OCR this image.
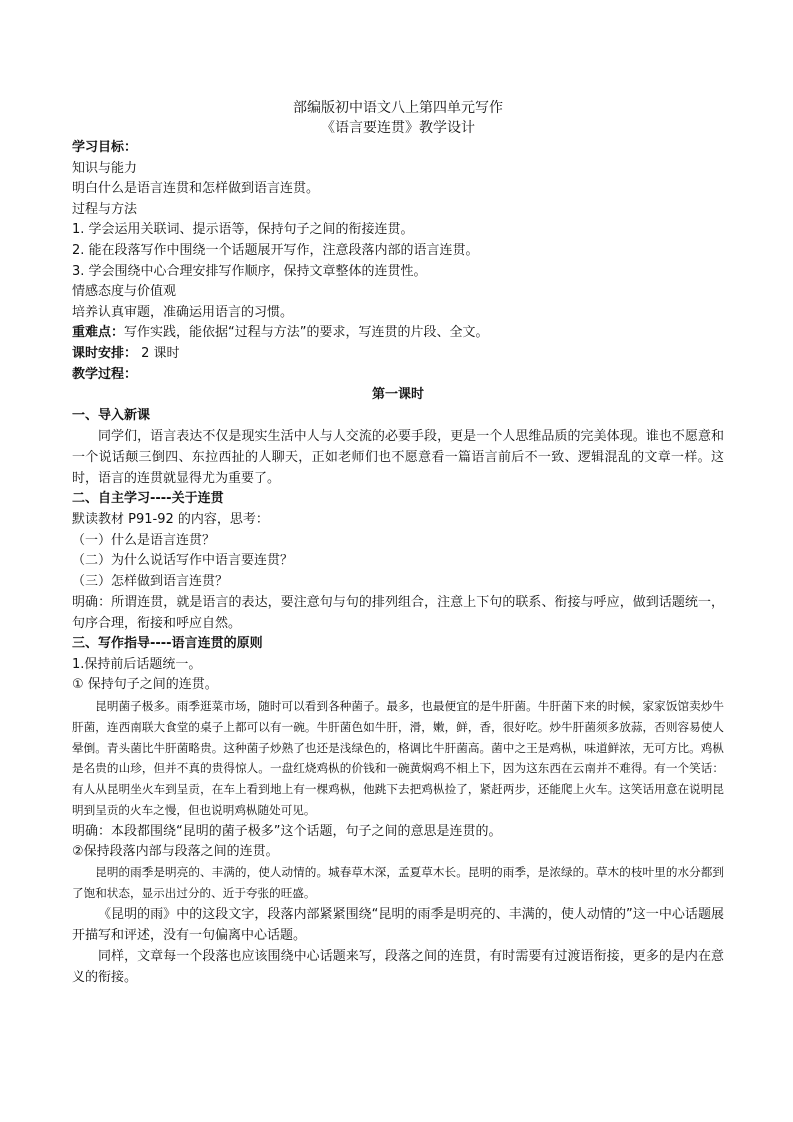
部编版初中语文八上第四单元写作
《语言要连贯》教学设计

学习目标：

知识与能力

明白什么是语言连贯和怎样做到语言连贯。

过程与方法

1. 学会运用关联词、提示语等，保持句子之间的衔接连贯。

2. 能在段落写作中围绕一个话题展开写作，注意段落内部的语言连贯。

3. 学会围绕中心合理安排写作顺序，保持文章整体的连贯性。

情感态度与价值观

培养认真审题，准确运用语言的习惯。

重难点：写作实践，能依据“过程与方法”的要求，写连贯的片段、全文。

课时安排： 2 课时

教学过程：

第一课时

一、导入新课

同学们，语言表达不仅是现实生活中人与人交流的必要手段，更是一个人思维品质的完美体现。谁也不愿意和一个说话颠三倒四、东拉西扯的人聊天，正如老师们也不愿意看一篇语言前后不一致、逻辑混乱的文章一样。这时，语言的连贯就显得尤为重要了。

二、自主学习----关于连贯

默读教材 P91-92 的内容，思考：

（一）什么是语言连贯？

（二）为什么说话写作中语言要连贯？

（三）怎样做到语言连贯？

明确：所谓连贯，就是语言的表达，要注意句与句的排列组合，注意上下句的联系、衔接与呼应，做到话题统一，句序合理，衔接和呼应自然。

三、写作指导----语言连贯的原则

1.保持前后话题统一。

① 保持句子之间的连贯。

昆明菌子极多。雨季逛菜市场，随时可以看到各种菌子。最多，也最便宜的是牛肝菌。牛肝菌下来的时候，家家饭馆卖炒牛肝菌，连西南联大食堂的桌子上都可以有一碗。牛肝菌色如牛肝，滑，嫩，鲜，香，很好吃。炒牛肝菌须多放蒜，否则容易使人晕倒。青头菌比牛肝菌略贵。这种菌子炒熟了也还是浅绿色的，格调比牛肝菌高。菌中之王是鸡枞，味道鲜浓，无可方比。鸡枞是名贵的山珍，但并不真的贵得惊人。一盘红烧鸡枞的价钱和一碗黄焖鸡不相上下，因为这东西在云南并不难得。有一个笑话：有人从昆明坐火车到呈贡，在车上看到地上有一棵鸡枞，他跳下去把鸡枞捡了，紧赶两步，还能爬上火车。这笑话用意在说明昆明到呈贡的火车之慢，但也说明鸡枞随处可见。

明确：本段都围绕“昆明的菌子极多”这个话题，句子之间的意思是连贯的。

②保持段落内部与段落之间的连贯。

昆明的雨季是明亮的、丰满的，使人动情的。城春草木深，孟夏草木长。昆明的雨季，是浓绿的。草木的枝叶里的水分都到了饱和状态，显示出过分的、近于夸张的旺盛。

《昆明的雨》中的这段文字，段落内部紧紧围绕“昆明的雨季是明亮的、丰满的，使人动情的”这一中心话题展开描写和评述，没有一句偏离中心话题。

同样，文章每一个段落也应该围绕中心话题来写，段落之间的连贯，有时需要有过渡语衔接，更多的是内在意义的衔接。
